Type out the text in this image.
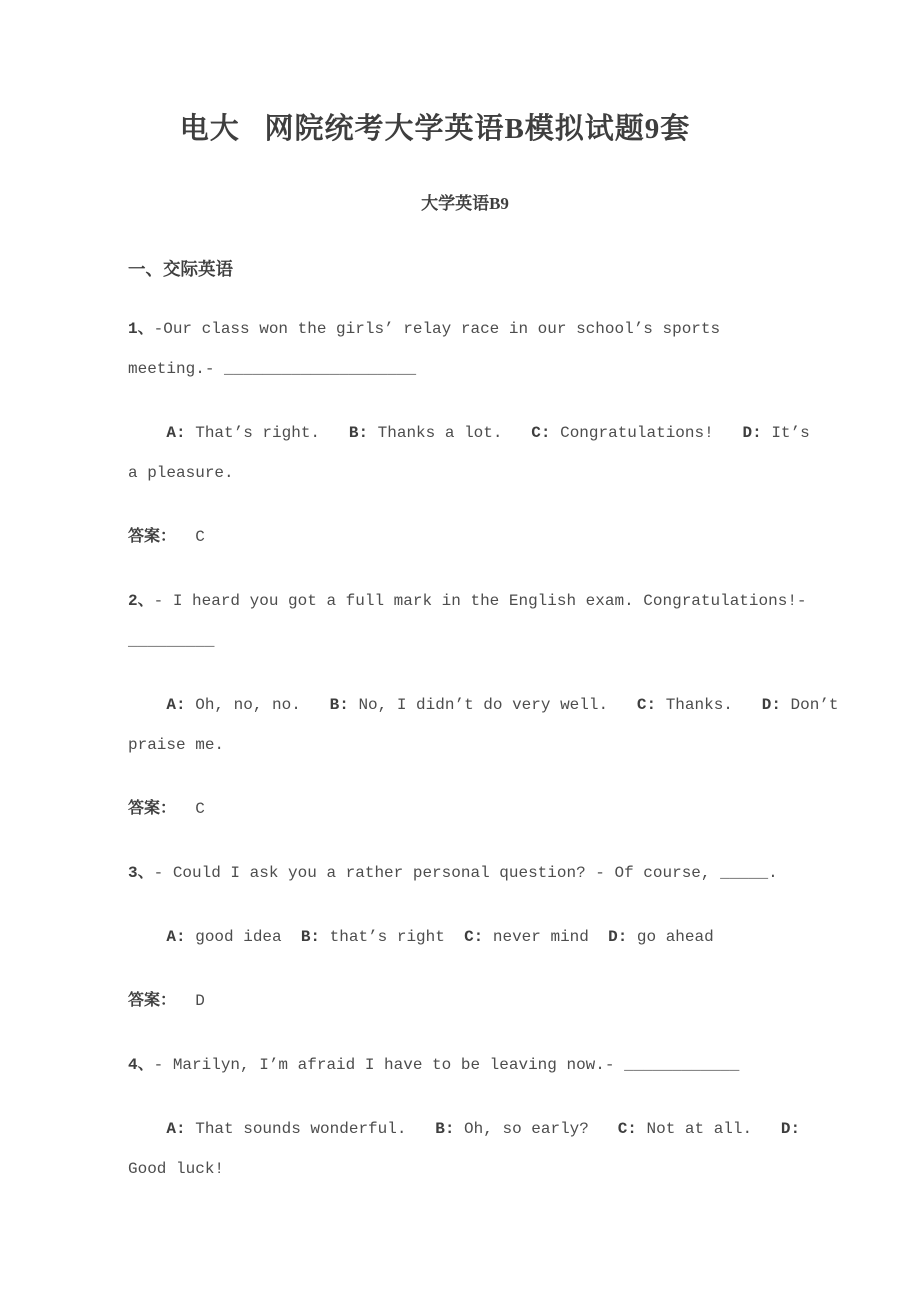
电大   网院统考大学英语B模拟试题9套
大学英语B9
一、交际英语
1、-Our class won the girls’ relay race in our school’s sports
meeting.- ____________________
A: That’s right.   B: Thanks a lot.   C: Congratulations!   D: It’s
a pleasure.
答案：  C
2、- I heard you got a full mark in the English exam. Congratulations!-
_________
A: Oh, no, no.   B: No, I didn’t do very well.   C: Thanks.   D: Don’t
praise me.
答案：  C
3、- Could I ask you a rather personal question? - Of course, _____.
A: good idea  B: that’s right  C: never mind  D: go ahead
答案：  D
4、- Marilyn, I’m afraid I have to be leaving now.- ____________
A: That sounds wonderful.   B: Oh, so early?   C: Not at all.   D:
Good luck!
